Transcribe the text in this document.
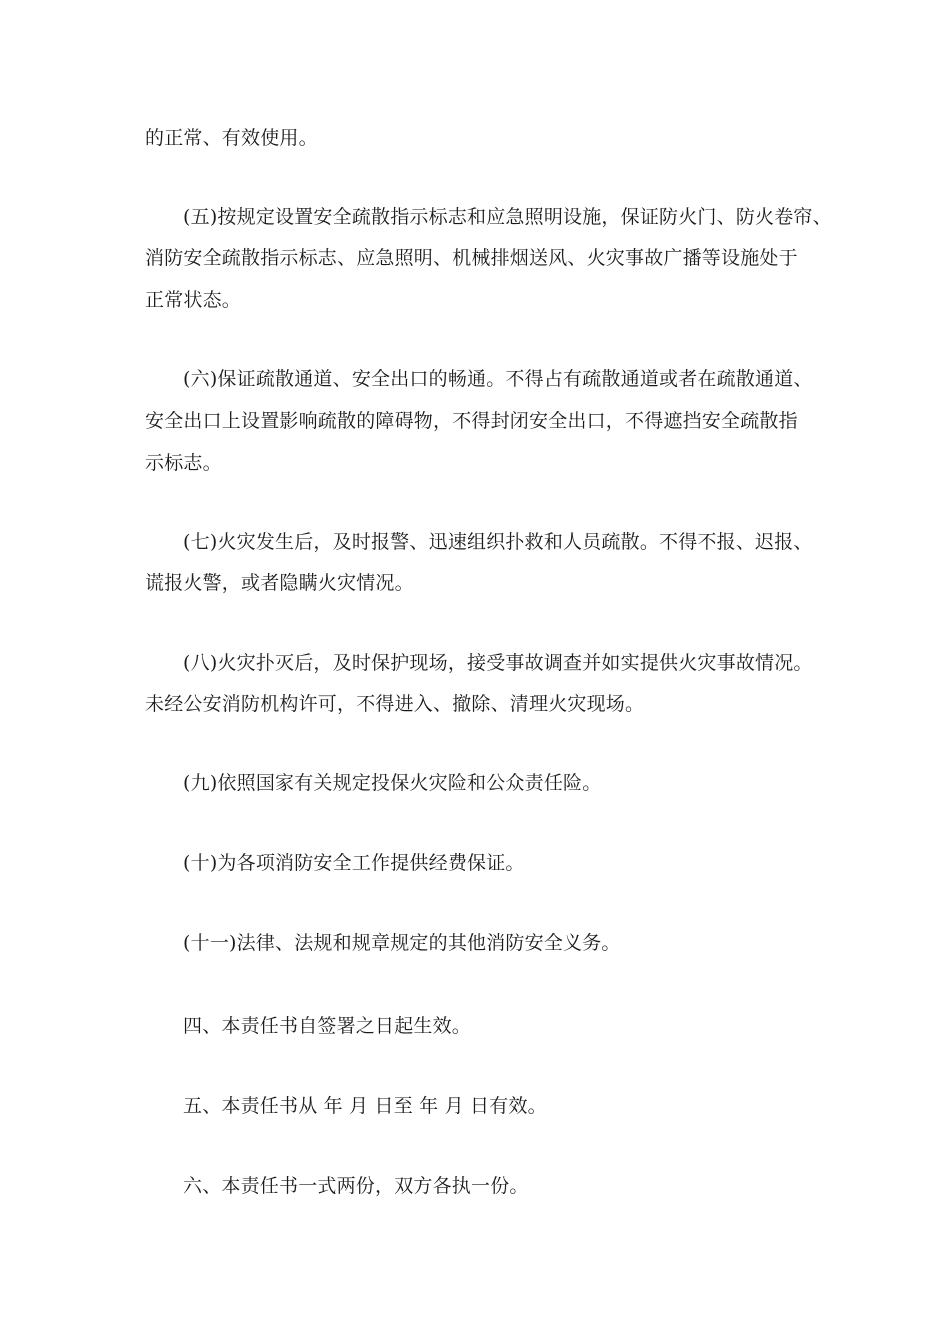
的正常、有效使用。
(五)按规定设置安全疏散指示标志和应急照明设施，保证防火门、防火卷帘、
消防安全疏散指示标志、应急照明、机械排烟送风、火灾事故广播等设施处于
正常状态。
(六)保证疏散通道、安全出口的畅通。不得占有疏散通道或者在疏散通道、
安全出口上设置影响疏散的障碍物，不得封闭安全出口，不得遮挡安全疏散指
示标志。
(七)火灾发生后，及时报警、迅速组织扑救和人员疏散。不得不报、迟报、
谎报火警，或者隐瞒火灾情况。
(八)火灾扑灭后，及时保护现场，接受事故调查并如实提供火灾事故情况。
未经公安消防机构许可，不得进入、撤除、清理火灾现场。
(九)依照国家有关规定投保火灾险和公众责任险。
(十)为各项消防安全工作提供经费保证。
(十一)法律、法规和规章规定的其他消防安全义务。
四、本责任书自签署之日起生效。
五、本责任书从 年 月 日至 年 月 日有效。
六、本责任书一式两份，双方各执一份。
